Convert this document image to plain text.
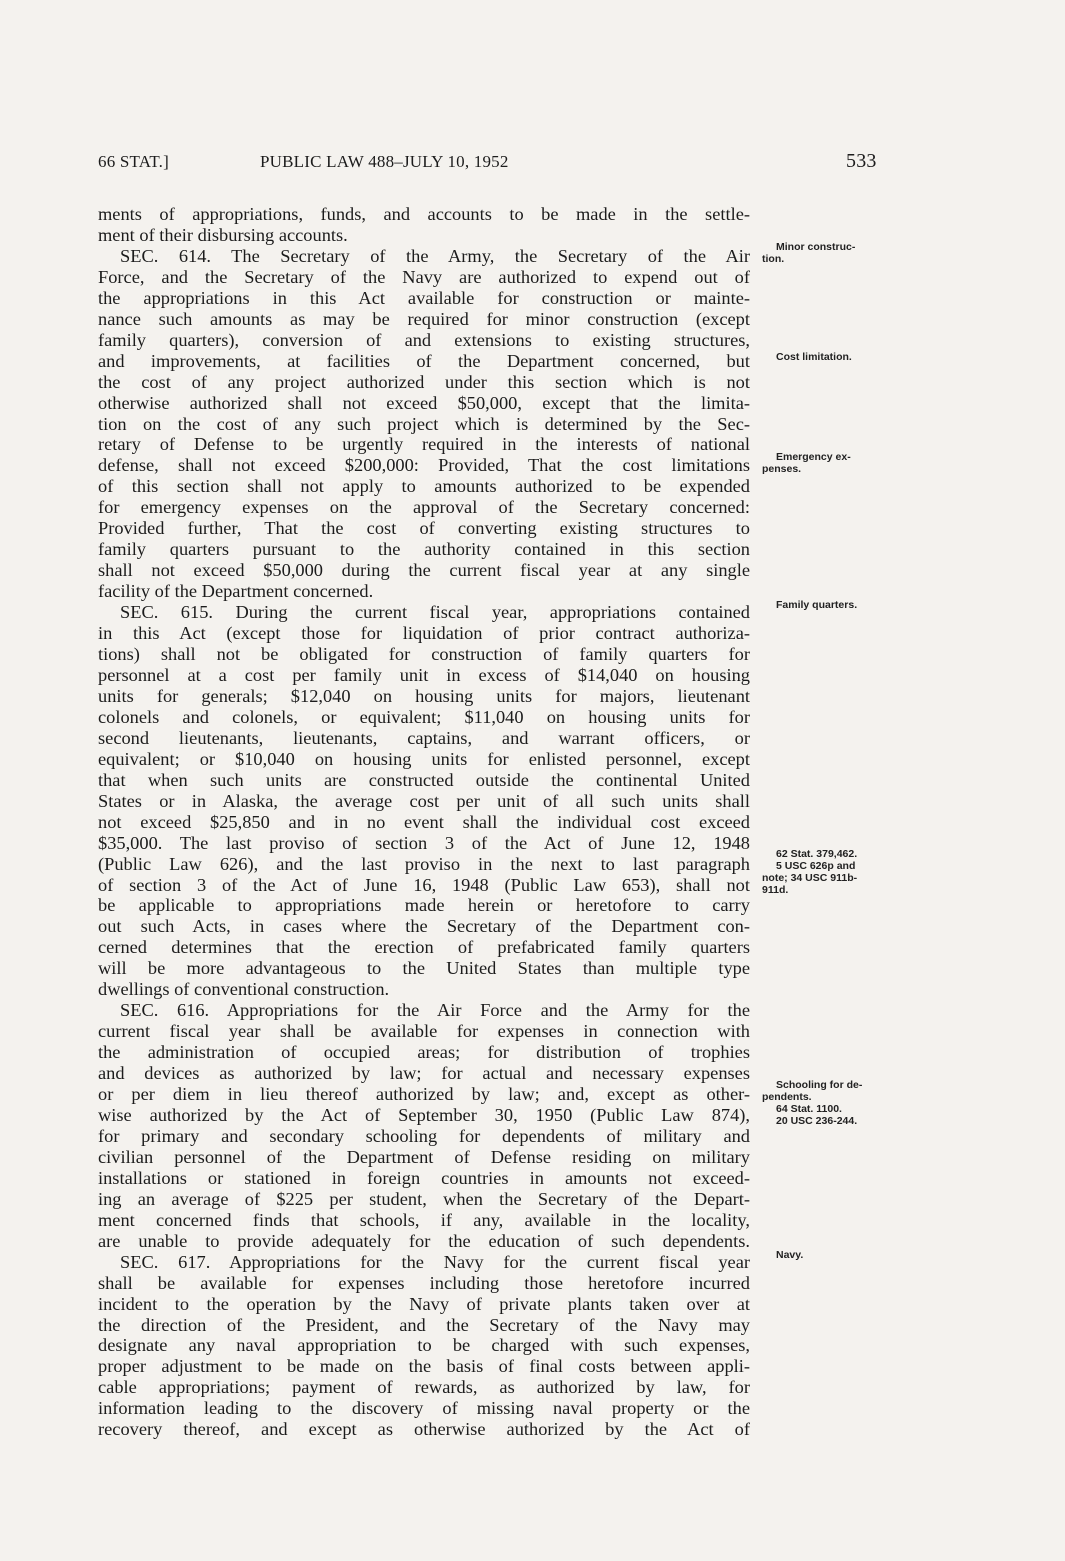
66 STAT.]	PUBLIC LAW 488–JULY 10, 1952	533
ments of appropriations, funds, and accounts to be made in the settle-
ment of their disbursing accounts.
SEC. 614. The Secretary of the Army, the Secretary of the Air
Force, and the Secretary of the Navy are authorized to expend out of
the appropriations in this Act available for construction or mainte-
nance such amounts as may be required for minor construction (except
family quarters), conversion of and extensions to existing structures,
and improvements, at facilities of the Department concerned, but
the cost of any project authorized under this section which is not
otherwise authorized shall not exceed $50,000, except that the limita-
tion on the cost of any such project which is determined by the Sec-
retary of Defense to be urgently required in the interests of national
defense, shall not exceed $200,000: Provided, That the cost limitations
of this section shall not apply to amounts authorized to be expended
for emergency expenses on the approval of the Secretary concerned:
Provided further, That the cost of converting existing structures to
family quarters pursuant to the authority contained in this section
shall not exceed $50,000 during the current fiscal year at any single
facility of the Department concerned.
SEC. 615. During the current fiscal year, appropriations contained
in this Act (except those for liquidation of prior contract authoriza-
tions) shall not be obligated for construction of family quarters for
personnel at a cost per family unit in excess of $14,040 on housing
units for generals; $12,040 on housing units for majors, lieutenant
colonels and colonels, or equivalent; $11,040 on housing units for
second lieutenants, lieutenants, captains, and warrant officers, or
equivalent; or $10,040 on housing units for enlisted personnel, except
that when such units are constructed outside the continental United
States or in Alaska, the average cost per unit of all such units shall
not exceed $25,850 and in no event shall the individual cost exceed
$35,000. The last proviso of section 3 of the Act of June 12, 1948
(Public Law 626), and the last proviso in the next to last paragraph
of section 3 of the Act of June 16, 1948 (Public Law 653), shall not
be applicable to appropriations made herein or heretofore to carry
out such Acts, in cases where the Secretary of the Department con-
cerned determines that the erection of prefabricated family quarters
will be more advantageous to the United States than multiple type
dwellings of conventional construction.
SEC. 616. Appropriations for the Air Force and the Army for the
current fiscal year shall be available for expenses in connection with
the administration of occupied areas; for distribution of trophies
and devices as authorized by law; for actual and necessary expenses
or per diem in lieu thereof authorized by law; and, except as other-
wise authorized by the Act of September 30, 1950 (Public Law 874),
for primary and secondary schooling for dependents of military and
civilian personnel of the Department of Defense residing on military
installations or stationed in foreign countries in amounts not exceed-
ing an average of $225 per student, when the Secretary of the Depart-
ment concerned finds that schools, if any, available in the locality,
are unable to provide adequately for the education of such dependents.
SEC. 617. Appropriations for the Navy for the current fiscal year
shall be available for expenses including those heretofore incurred
incident to the operation by the Navy of private plants taken over at
the direction of the President, and the Secretary of the Navy may
designate any naval appropriation to be charged with such expenses,
proper adjustment to be made on the basis of final costs between appli-
cable appropriations; payment of rewards, as authorized by law, for
information leading to the discovery of missing naval property or the
recovery thereof, and except as otherwise authorized by the Act of
Minor construc-
tion.
Cost limitation.
Emergency ex-
penses.
Family quarters.
62 Stat. 379,462.
5 USC 626p and
note; 34 USC 911b-
911d.
Schooling for de-
pendents.
64 Stat. 1100.
20 USC 236-244.
Navy.
